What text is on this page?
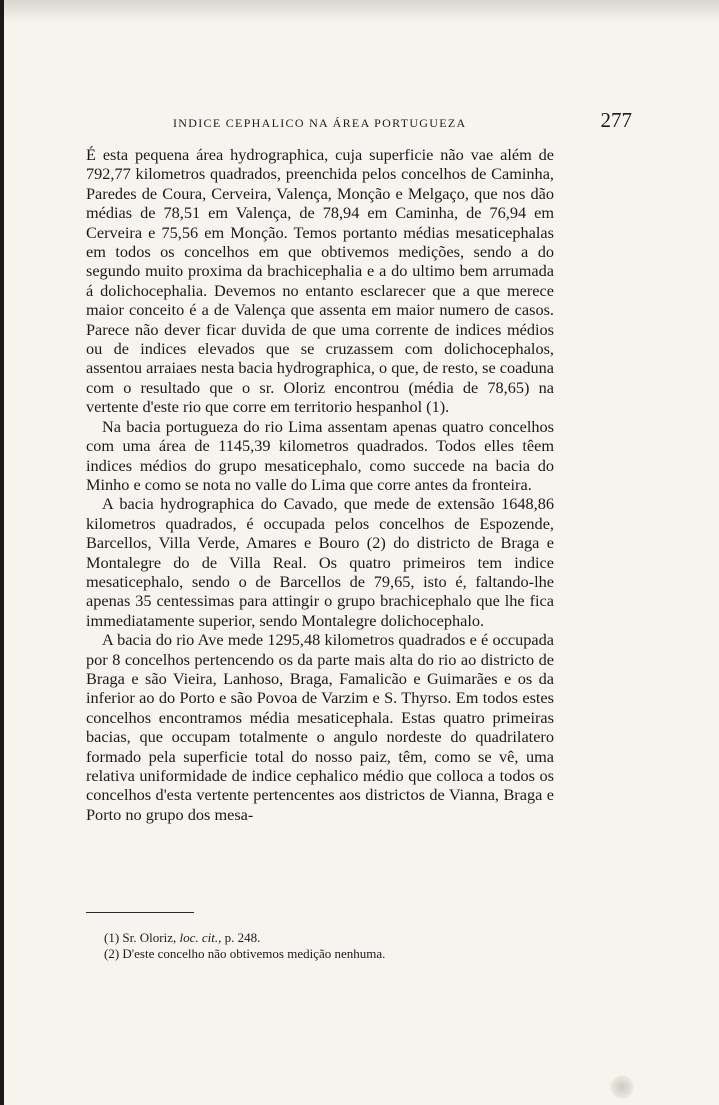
INDICE CEPHALICO NA ÁREA PORTUGUEZA	277

É esta pequena área hydrographica, cuja superficie não vae além de 792,77 kilometros quadrados, preenchida pelos concelhos de Caminha, Paredes de Coura, Cerveira, Valença, Monção e Melgaço, que nos dão médias de 78,51 em Valença, de 78,94 em Caminha, de 76,94 em Cerveira e 75,56 em Monção. Temos portanto médias mesaticephalas em todos os concelhos em que obtivemos medições, sendo a do segundo muito proxima da brachicephalia e a do ultimo bem arrumada á dolichocephalia. Devemos no entanto esclarecer que a que merece maior conceito é a de Valença que assenta em maior numero de casos. Parece não dever ficar duvida de que uma corrente de indices médios ou de indices elevados que se cruzassem com dolichocephalos, assentou arraiaes nesta bacia hydrographica, o que, de resto, se coaduna com o resultado que o sr. Oloriz encontrou (média de 78,65) na vertente d'este rio que corre em territorio hespanhol (1).

Na bacia portugueza do rio Lima assentam apenas quatro concelhos com uma área de 1145,39 kilometros quadrados. Todos elles têem indices médios do grupo mesaticephalo, como succede na bacia do Minho e como se nota no valle do Lima que corre antes da fronteira.

A bacia hydrographica do Cavado, que mede de extensão 1648,86 kilometros quadrados, é occupada pelos concelhos de Espozende, Barcellos, Villa Verde, Amares e Bouro (2) do districto de Braga e Montalegre do de Villa Real. Os quatro primeiros tem indice mesaticephalo, sendo o de Barcellos de 79,65, isto é, faltando-lhe apenas 35 centessimas para attingir o grupo brachicephalo que lhe fica immediatamente superior, sendo Montalegre dolichocephalo.

A bacia do rio Ave mede 1295,48 kilometros quadrados e é occupada por 8 concelhos pertencendo os da parte mais alta do rio ao districto de Braga e são Vieira, Lanhoso, Braga, Famalicão e Guimarães e os da inferior ao do Porto e são Povoa de Varzim e S. Thyrso. Em todos estes concelhos encontramos média mesaticephala. Estas quatro primeiras bacias, que occupam totalmente o angulo nordeste do quadrilatero formado pela superficie total do nosso paiz, têm, como se vê, uma relativa uniformidade de indice cephalico médio que colloca a todos os concelhos d'esta vertente pertencentes aos districtos de Vianna, Braga e Porto no grupo dos mesa-

(1) Sr. Oloriz, loc. cit., p. 248.

(2) D'este concelho não obtivemos medição nenhuma.
